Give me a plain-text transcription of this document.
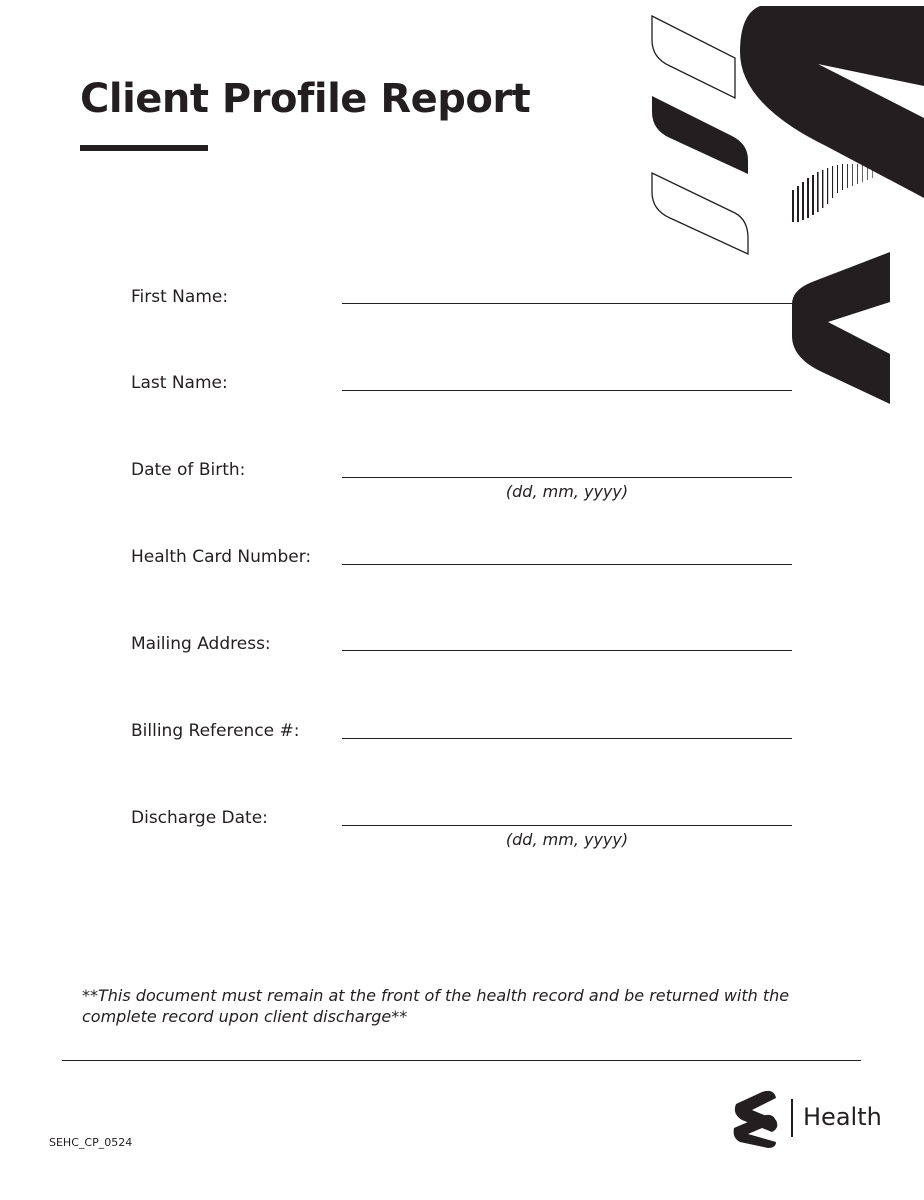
Client Profile Report
First Name:
Last Name:
Date of Birth:
(dd, mm, yyyy)
Health Card Number:
Mailing Address:
Billing Reference #:
Discharge Date:
(dd, mm, yyyy)
**This document must remain at the front of the health record and be returned with the complete record upon client discharge**
SEHC_CP_0524
Health
